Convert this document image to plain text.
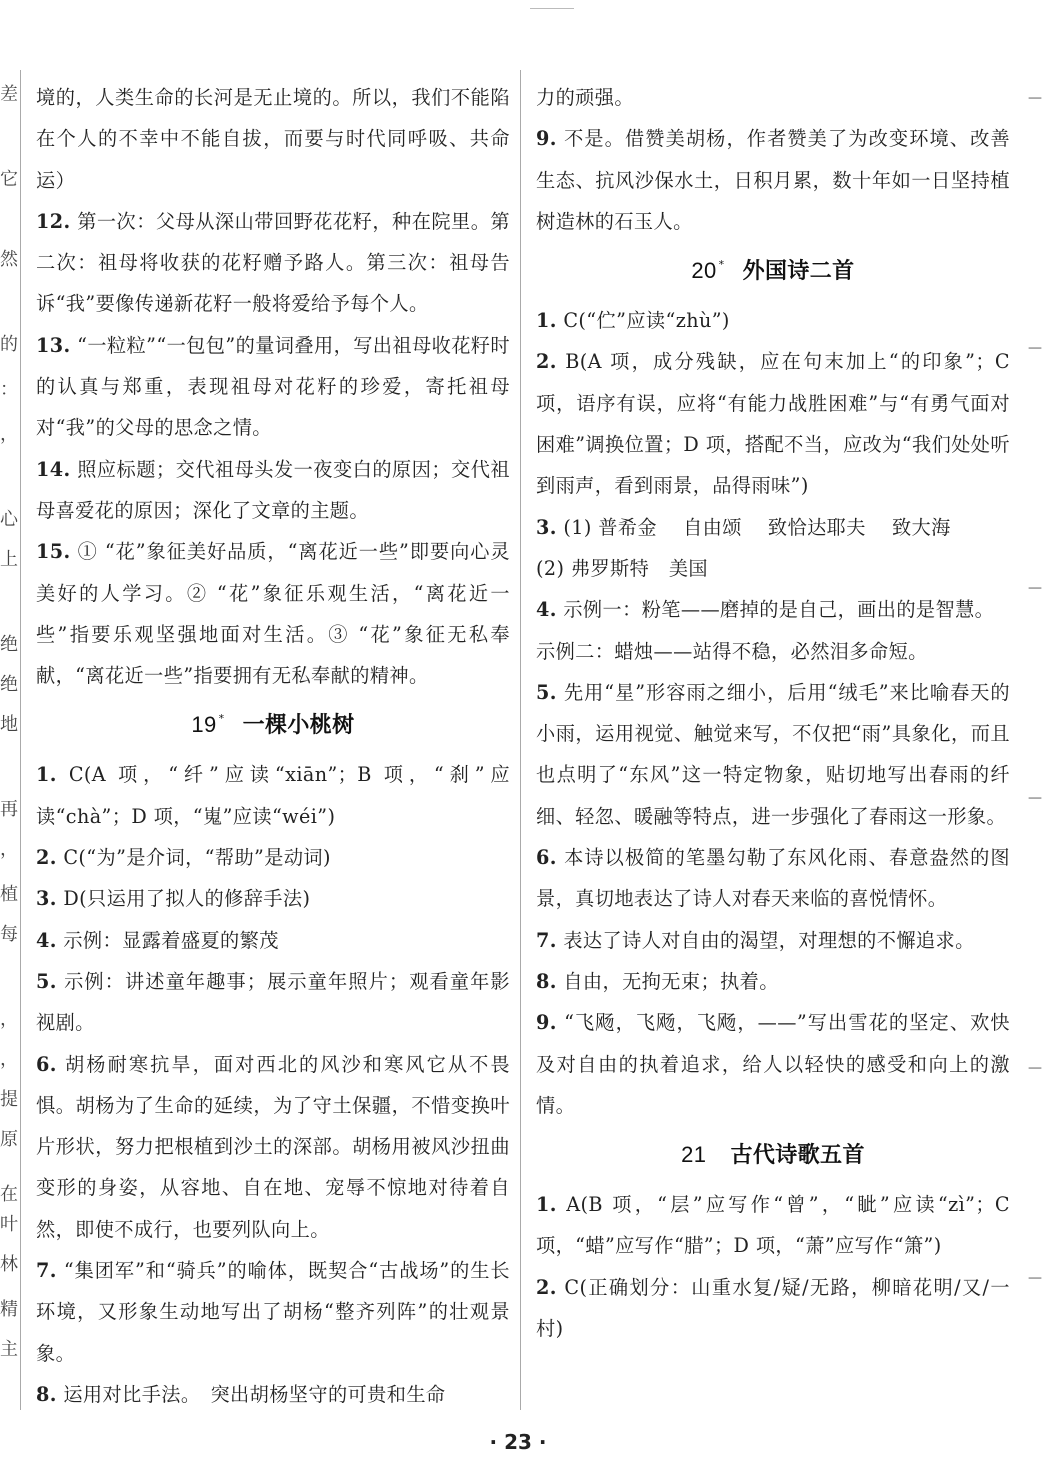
差
它
然
的
：
，
心
上
绝
绝
地
再
，
植
每
，
，
提
原
在
叶
林
精
主
—
—
—
—
—
—

境的，人类生命的长河是无止境的。所以，我们不能陷在个人的不幸中不能自拔，而要与时代同呼吸、共命运）

12. 第一次：父母从深山带回野花花籽，种在院里。第二次：祖母将收获的花籽赠予路人。第三次：祖母告诉“我”要像传递新花籽一般将爱给予每个人。

13. “一粒粒”“一包包”的量词叠用，写出祖母收花籽时的认真与郑重，表现祖母对花籽的珍爱，寄托祖母对“我”的父母的思念之情。

14. 照应标题；交代祖母头发一夜变白的原因；交代祖母喜爱花的原因；深化了文章的主题。

15. ① “花”象征美好品质，“离花近一些”即要向心灵美好的人学习。② “花”象征乐观生活，“离花近一些”指要乐观坚强地面对生活。③ “花”象征无私奉献，“离花近一些”指要拥有无私奉献的精神。

19 * 一棵小桃树

1. C(A 项，“纤”应读“xiān”；B 项，“刹”应读“chà”；D 项，“嵬”应读“wéi”)

2. C(“为”是介词，“帮助”是动词)

3. D(只运用了拟人的修辞手法)

4. 示例：显露着盛夏的繁茂

5. 示例：讲述童年趣事；展示童年照片；观看童年影视剧。

6. 胡杨耐寒抗旱，面对西北的风沙和寒风它从不畏惧。胡杨为了生命的延续，为了守土保疆，不惜变换叶片形状，努力把根植到沙土的深部。胡杨用被风沙扭曲变形的身姿，从容地、自在地、宠辱不惊地对待着自然，即使不成行，也要列队向上。

7. “集团军”和“骑兵”的喻体，既契合“古战场”的生长环境，又形象生动地写出了胡杨“整齐列阵”的壮观景象。

8. 运用对比手法。　突出胡杨坚守的可贵和生命

力的顽强。

9. 不是。借赞美胡杨，作者赞美了为改变环境、改善生态、抗风沙保水土，日积月累，数十年如一日坚持植树造林的石玉人。

20 * 外国诗二首

1. C(“伫”应读“zhù”)

2. B(A 项，成分残缺，应在句末加上“的印象”；C 项，语序有误，应将“有能力战胜困难”与“有勇气面对困难”调换位置；D 项，搭配不当，应改为“我们处处听到雨声，看到雨景，品得雨味”)

3. (1) 普希金　 自由颂　 致恰达耶夫　 致大海

(2) 弗罗斯特　美国

4. 示例一：粉笔——磨掉的是自己，画出的是智慧。

示例二：蜡烛——站得不稳，必然泪多命短。

5. 先用“星”形容雨之细小，后用“绒毛”来比喻春天的小雨，运用视觉、触觉来写，不仅把“雨”具象化，而且也点明了“东风”这一特定物象，贴切地写出春雨的纤细、轻忽、暖融等特点，进一步强化了春雨这一形象。

6. 本诗以极简的笔墨勾勒了东风化雨、春意盎然的图景，真切地表达了诗人对春天来临的喜悦情怀。

7. 表达了诗人对自由的渴望，对理想的不懈追求。

8. 自由，无拘无束；执着。

9. “飞飏，飞飏，飞飏，——”写出雪花的坚定、欢快及对自由的执着追求，给人以轻快的感受和向上的激情。

21 古代诗歌五首

1. A(B 项，“层”应写作“曾”，“眦”应读“zì”；C 项，“蜡”应写作“腊”；D 项，“萧”应写作“箫”)

2. C(正确划分：山重水复/疑/无路，柳暗花明/又/一村)

· 23 ·
